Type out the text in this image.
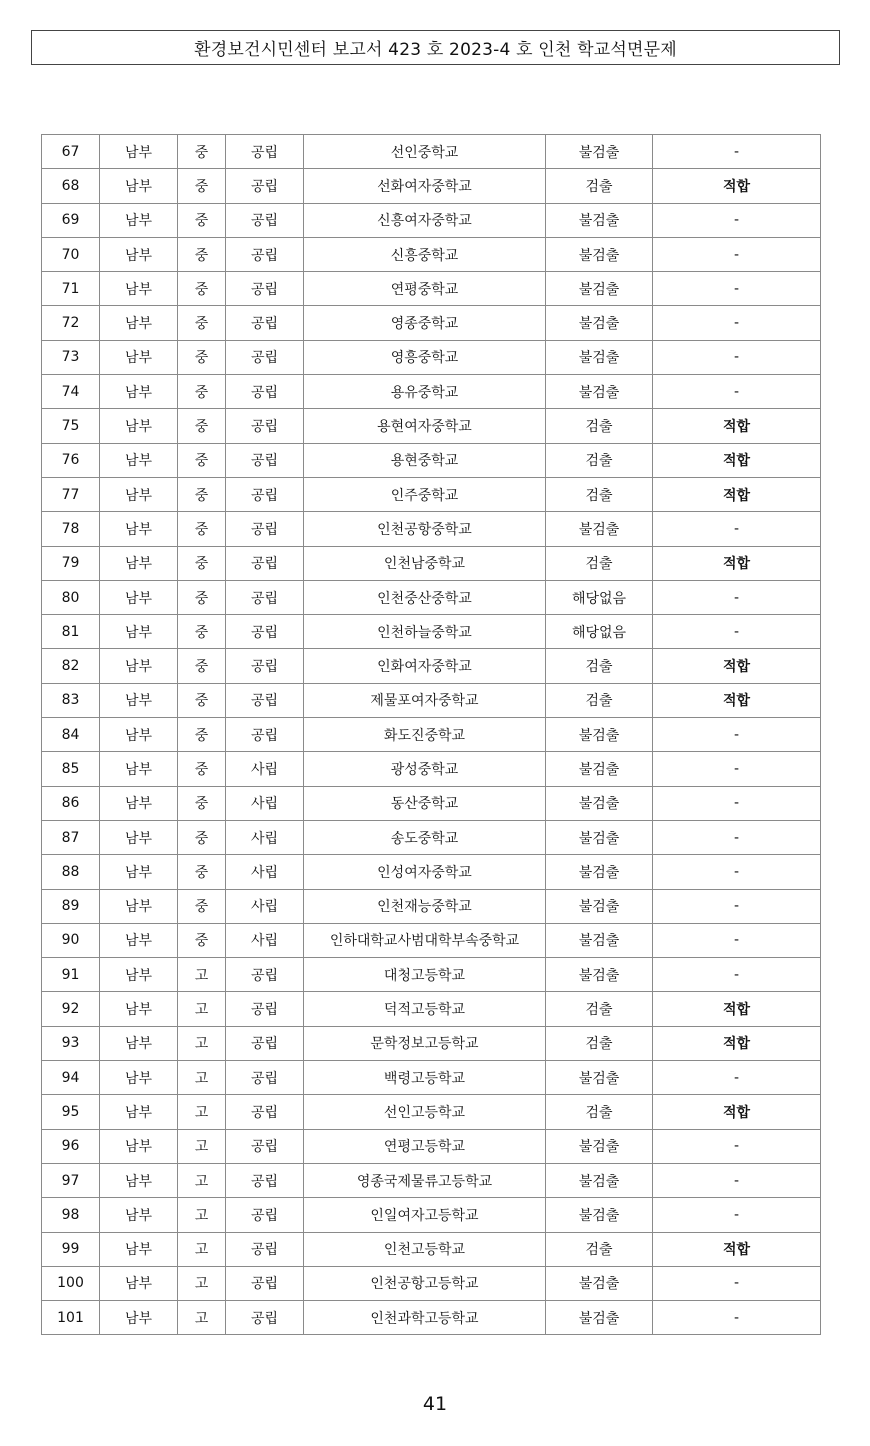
환경보건시민센터 보고서 423 호 2023-4 호 인천 학교석면문제
67	남부	중	공립	선인중학교	불검출	-
68	남부	중	공립	선화여자중학교	검출	적합
69	남부	중	공립	신흥여자중학교	불검출	-
70	남부	중	공립	신흥중학교	불검출	-
71	남부	중	공립	연평중학교	불검출	-
72	남부	중	공립	영종중학교	불검출	-
73	남부	중	공립	영흥중학교	불검출	-
74	남부	중	공립	용유중학교	불검출	-
75	남부	중	공립	용현여자중학교	검출	적합
76	남부	중	공립	용현중학교	검출	적합
77	남부	중	공립	인주중학교	검출	적합
78	남부	중	공립	인천공항중학교	불검출	-
79	남부	중	공립	인천남중학교	검출	적합
80	남부	중	공립	인천중산중학교	해당없음	-
81	남부	중	공립	인천하늘중학교	해당없음	-
82	남부	중	공립	인화여자중학교	검출	적합
83	남부	중	공립	제물포여자중학교	검출	적합
84	남부	중	공립	화도진중학교	불검출	-
85	남부	중	사립	광성중학교	불검출	-
86	남부	중	사립	동산중학교	불검출	-
87	남부	중	사립	송도중학교	불검출	-
88	남부	중	사립	인성여자중학교	불검출	-
89	남부	중	사립	인천재능중학교	불검출	-
90	남부	중	사립	인하대학교사범대학부속중학교	불검출	-
91	남부	고	공립	대청고등학교	불검출	-
92	남부	고	공립	덕적고등학교	검출	적합
93	남부	고	공립	문학정보고등학교	검출	적합
94	남부	고	공립	백령고등학교	불검출	-
95	남부	고	공립	선인고등학교	검출	적합
96	남부	고	공립	연평고등학교	불검출	-
97	남부	고	공립	영종국제물류고등학교	불검출	-
98	남부	고	공립	인일여자고등학교	불검출	-
99	남부	고	공립	인천고등학교	검출	적합
100	남부	고	공립	인천공항고등학교	불검출	-
101	남부	고	공립	인천과학고등학교	불검출	-
41
